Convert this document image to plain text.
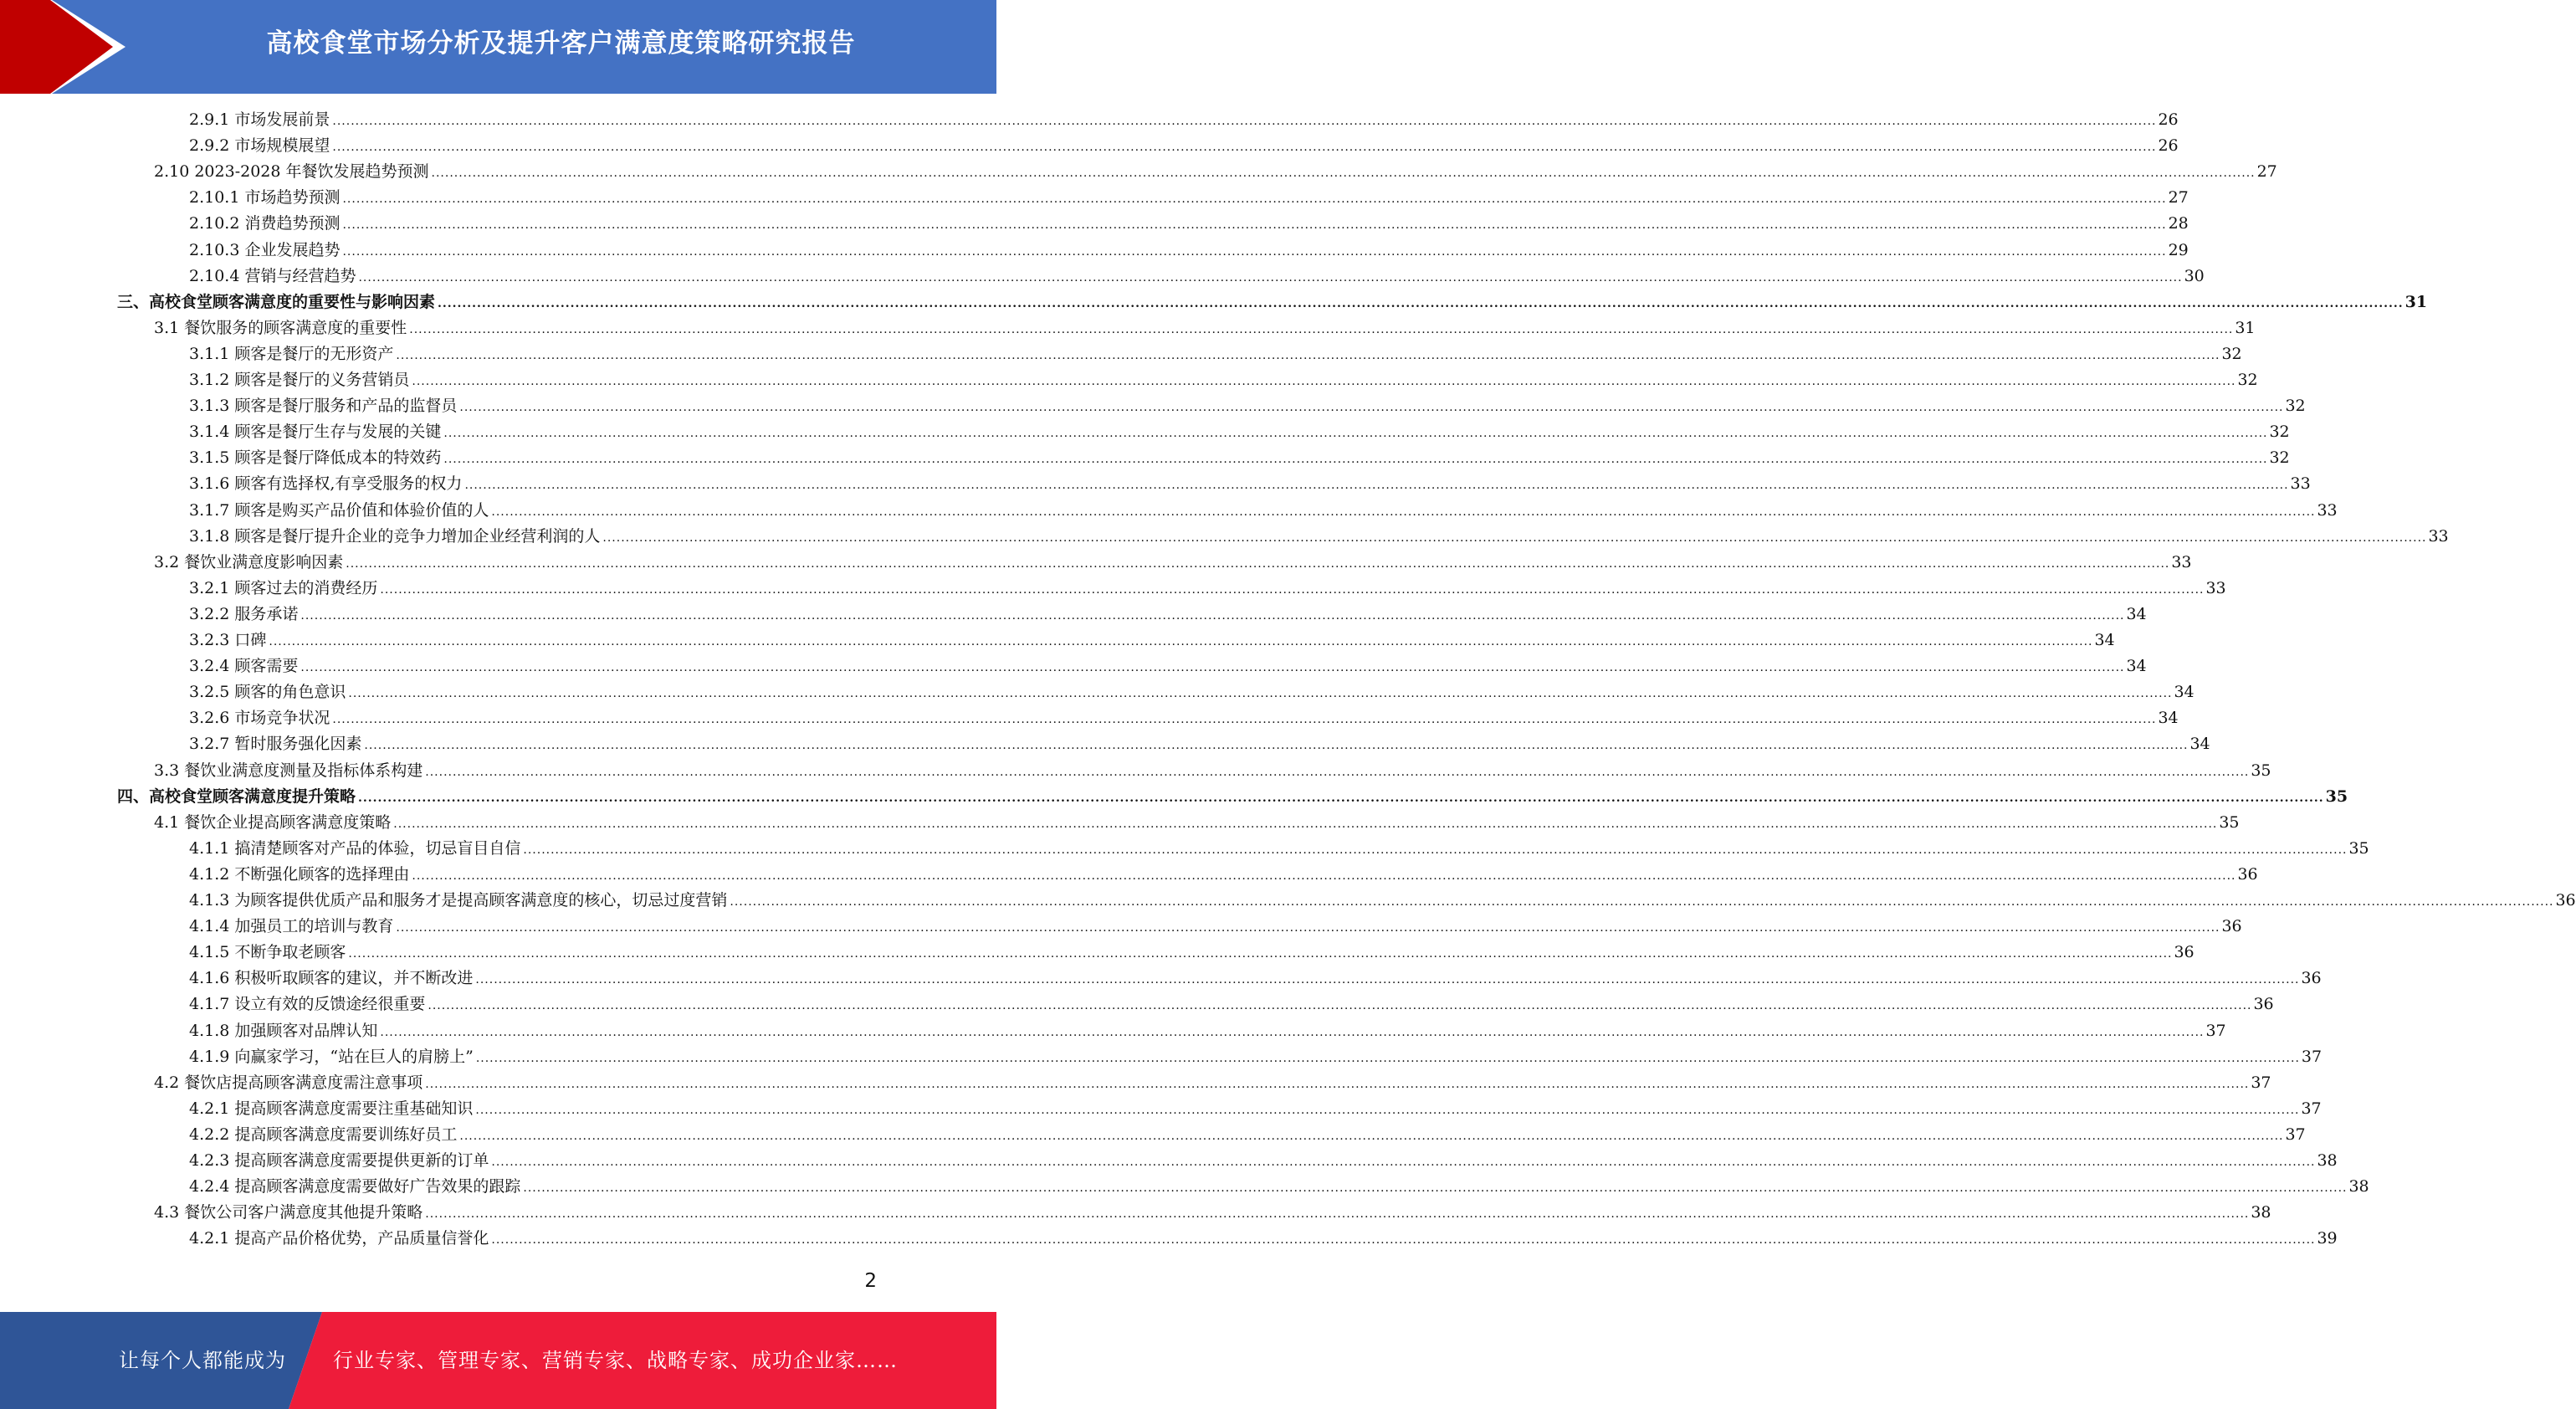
高校食堂市场分析及提升客户满意度策略研究报告
2.9.1 市场发展前景 ................................................................................................................................................................................................................................................................................................................................................................................................................ 26
2.9.2 市场规模展望 ................................................................................................................................................................................................................................................................................................................................................................................................................ 26
2.10 2023-2028 年餐饮发展趋势预测 ................................................................................................................................................................................................................................................................................................................................................................................................................ 27
2.10.1 市场趋势预测 ................................................................................................................................................................................................................................................................................................................................................................................................................ 27
2.10.2 消费趋势预测 ................................................................................................................................................................................................................................................................................................................................................................................................................ 28
2.10.3 企业发展趋势 ................................................................................................................................................................................................................................................................................................................................................................................................................ 29
2.10.4 营销与经营趋势 ................................................................................................................................................................................................................................................................................................................................................................................................................ 30
三、高校食堂顾客满意度的重要性与影响因素 ................................................................................................................................................................................................................................................................................................................................................................................................................ 31
3.1 餐饮服务的顾客满意度的重要性 ................................................................................................................................................................................................................................................................................................................................................................................................................ 31
3.1.1 顾客是餐厅的无形资产 ................................................................................................................................................................................................................................................................................................................................................................................................................ 32
3.1.2 顾客是餐厅的义务营销员 ................................................................................................................................................................................................................................................................................................................................................................................................................ 32
3.1.3 顾客是餐厅服务和产品的监督员 ................................................................................................................................................................................................................................................................................................................................................................................................................ 32
3.1.4 顾客是餐厅生存与发展的关键 ................................................................................................................................................................................................................................................................................................................................................................................................................ 32
3.1.5 顾客是餐厅降低成本的特效药 ................................................................................................................................................................................................................................................................................................................................................................................................................ 32
3.1.6 顾客有选择权,有享受服务的权力 ................................................................................................................................................................................................................................................................................................................................................................................................................ 33
3.1.7 顾客是购买产品价值和体验价值的人 ................................................................................................................................................................................................................................................................................................................................................................................................................ 33
3.1.8 顾客是餐厅提升企业的竞争力增加企业经营利润的人 ................................................................................................................................................................................................................................................................................................................................................................................................................ 33
3.2 餐饮业满意度影响因素 ................................................................................................................................................................................................................................................................................................................................................................................................................ 33
3.2.1 顾客过去的消费经历 ................................................................................................................................................................................................................................................................................................................................................................................................................ 33
3.2.2 服务承诺 ................................................................................................................................................................................................................................................................................................................................................................................................................ 34
3.2.3 口碑 ................................................................................................................................................................................................................................................................................................................................................................................................................ 34
3.2.4 顾客需要 ................................................................................................................................................................................................................................................................................................................................................................................................................ 34
3.2.5 顾客的角色意识 ................................................................................................................................................................................................................................................................................................................................................................................................................ 34
3.2.6 市场竞争状况 ................................................................................................................................................................................................................................................................................................................................................................................................................ 34
3.2.7 暂时服务强化因素 ................................................................................................................................................................................................................................................................................................................................................................................................................ 34
3.3 餐饮业满意度测量及指标体系构建 ................................................................................................................................................................................................................................................................................................................................................................................................................ 35
四、高校食堂顾客满意度提升策略 ................................................................................................................................................................................................................................................................................................................................................................................................................ 35
4.1 餐饮企业提高顾客满意度策略 ................................................................................................................................................................................................................................................................................................................................................................................................................ 35
4.1.1 搞清楚顾客对产品的体验，切忌盲目自信 ................................................................................................................................................................................................................................................................................................................................................................................................................ 35
4.1.2 不断强化顾客的选择理由 ................................................................................................................................................................................................................................................................................................................................................................................................................ 36
4.1.3 为顾客提供优质产品和服务才是提高顾客满意度的核心，切忌过度营销 ................................................................................................................................................................................................................................................................................................................................................................................................................ 36
4.1.4 加强员工的培训与教育 ................................................................................................................................................................................................................................................................................................................................................................................................................ 36
4.1.5 不断争取老顾客 ................................................................................................................................................................................................................................................................................................................................................................................................................ 36
4.1.6 积极听取顾客的建议，并不断改进 ................................................................................................................................................................................................................................................................................................................................................................................................................ 36
4.1.7 设立有效的反馈途经很重要 ................................................................................................................................................................................................................................................................................................................................................................................................................ 36
4.1.8 加强顾客对品牌认知 ................................................................................................................................................................................................................................................................................................................................................................................................................ 37
4.1.9 向赢家学习，“站在巨人的肩膀上” ................................................................................................................................................................................................................................................................................................................................................................................................................ 37
4.2 餐饮店提高顾客满意度需注意事项 ................................................................................................................................................................................................................................................................................................................................................................................................................ 37
4.2.1 提高顾客满意度需要注重基础知识 ................................................................................................................................................................................................................................................................................................................................................................................................................ 37
4.2.2 提高顾客满意度需要训练好员工 ................................................................................................................................................................................................................................................................................................................................................................................................................ 37
4.2.3 提高顾客满意度需要提供更新的订单 ................................................................................................................................................................................................................................................................................................................................................................................................................ 38
4.2.4 提高顾客满意度需要做好广告效果的跟踪 ................................................................................................................................................................................................................................................................................................................................................................................................................ 38
4.3 餐饮公司客户满意度其他提升策略 ................................................................................................................................................................................................................................................................................................................................................................................................................ 38
4.2.1 提高产品价格优势，产品质量信誉化 ................................................................................................................................................................................................................................................................................................................................................................................................................ 39
2
让每个人都能成为 行业专家、管理专家、营销专家、战略专家、成功企业家……
